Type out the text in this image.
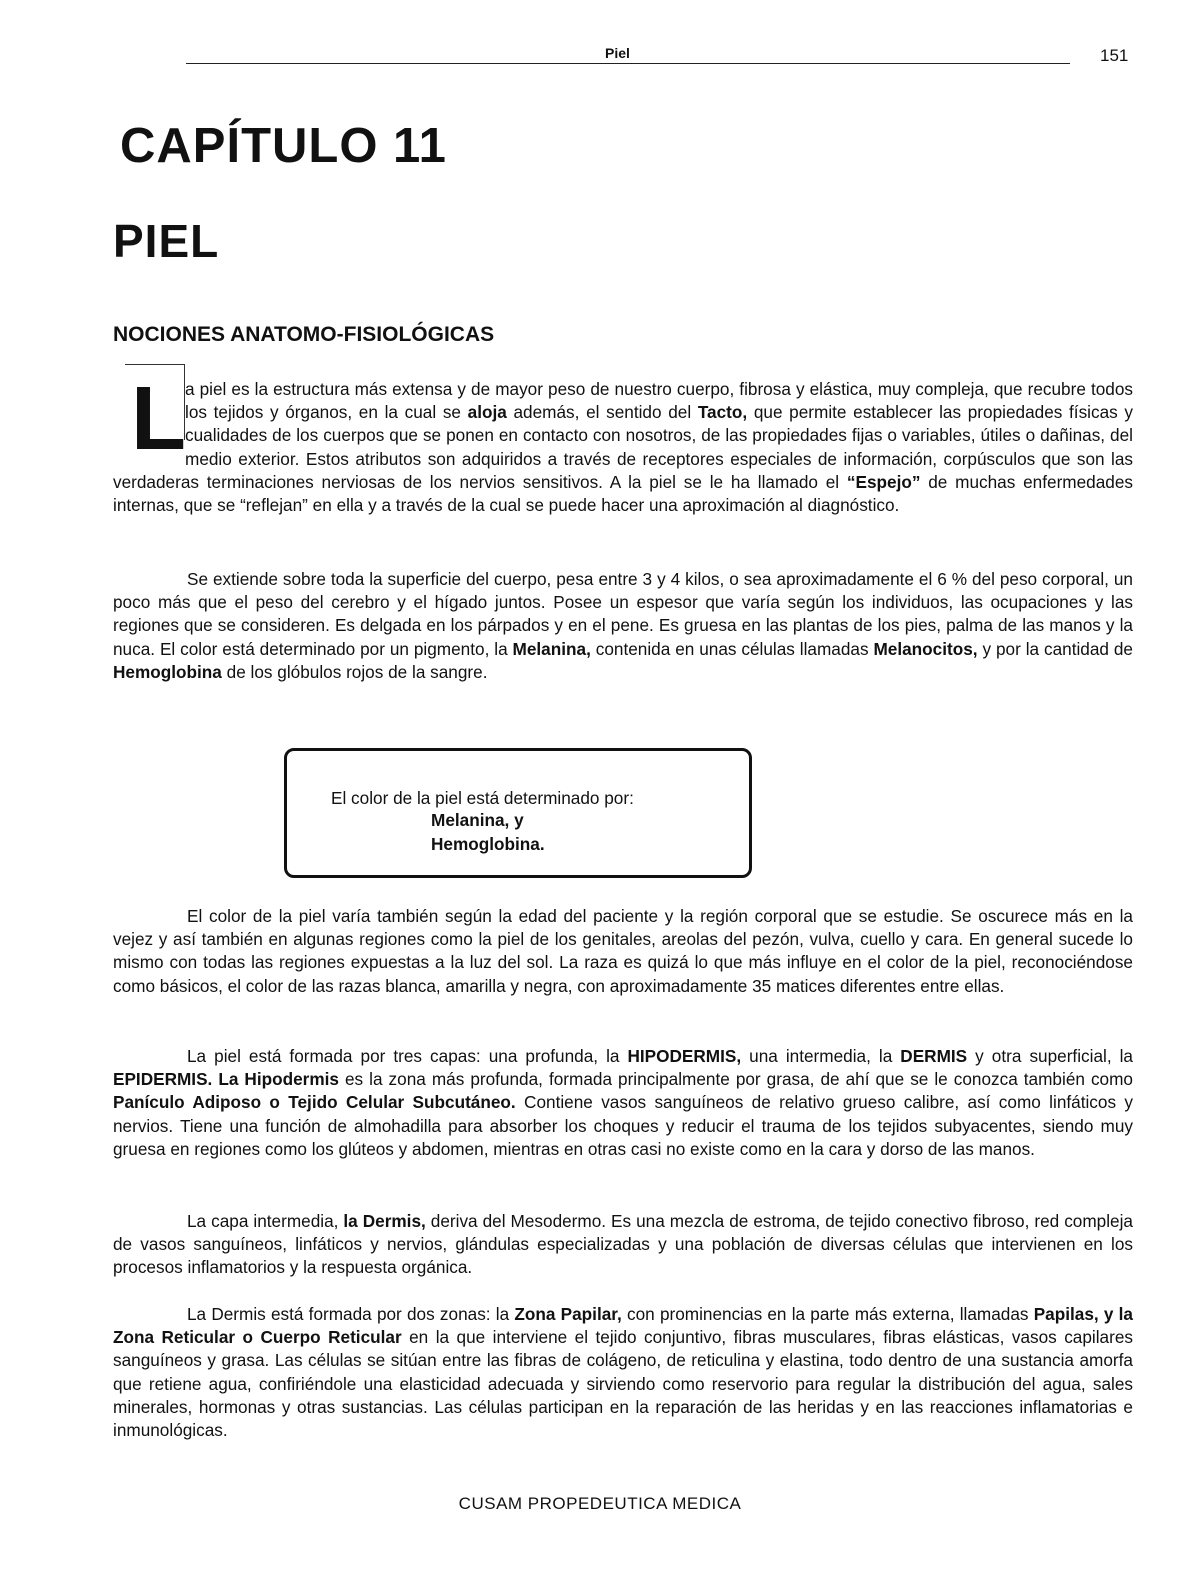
Piel	151
CAPÍTULO 11
PIEL
NOCIONES ANATOMO-FISIOLÓGICAS

La piel es la estructura más extensa y de mayor peso de nuestro cuerpo, fibrosa y elástica, muy compleja, que recubre todos los tejidos y órganos, en la cual se aloja además, el sentido del Tacto, que permite establecer las propiedades físicas y cualidades de los cuerpos que se ponen en contacto con nosotros, de las propiedades fijas o variables, útiles o dañinas, del medio exterior. Estos atributos son adquiridos a través de receptores especiales de información, corpúsculos que son las verdaderas terminaciones nerviosas de los nervios sensitivos. A la piel se le ha llamado el “Espejo” de muchas enfermedades internas, que se “reflejan” en ella y a través de la cual se puede hacer una aproximación al diagnóstico.

Se extiende sobre toda la superficie del cuerpo, pesa entre 3 y 4 kilos, o sea aproximadamente el 6 % del peso corporal, un poco más que el peso del cerebro y el hígado juntos. Posee un espesor que varía según los individuos, las ocupaciones y las regiones que se consideren. Es delgada en los párpados y en el pene. Es gruesa en las plantas de los pies, palma de las manos y la nuca. El color está determinado por un pigmento, la Melanina, contenida en unas células llamadas Melanocitos, y por la cantidad de Hemoglobina de los glóbulos rojos de la sangre.

El color de la piel está determinado por:
Melanina, y
Hemoglobina.

El color de la piel varía también según la edad del paciente y la región corporal que se estudie. Se oscurece más en la vejez y así también en algunas regiones como la piel de los genitales, areolas del pezón, vulva, cuello y cara. En general sucede lo mismo con todas las regiones expuestas a la luz del sol. La raza es quizá lo que más influye en el color de la piel, reconociéndose como básicos, el color de las razas blanca, amarilla y negra, con aproximadamente 35 matices diferentes entre ellas.

La piel está formada por tres capas: una profunda, la HIPODERMIS, una intermedia, la DERMIS y otra superficial, la EPIDERMIS. La Hipodermis es la zona más profunda, formada principalmente por grasa, de ahí que se le conozca también como Panículo Adiposo o Tejido Celular Subcutáneo. Contiene vasos sanguíneos de relativo grueso calibre, así como linfáticos y nervios. Tiene una función de almohadilla para absorber los choques y reducir el trauma de los tejidos subyacentes, siendo muy gruesa en regiones como los glúteos y abdomen, mientras en otras casi no existe como en la cara y dorso de las manos.

La capa intermedia, la Dermis, deriva del Mesodermo. Es una mezcla de estroma, de tejido conectivo fibroso, red compleja de vasos sanguíneos, linfáticos y nervios, glándulas especializadas y una población de diversas células que intervienen en los procesos inflamatorios y la respuesta orgánica.

La Dermis está formada por dos zonas: la Zona Papilar, con prominencias en la parte más externa, llamadas Papilas, y la Zona Reticular o Cuerpo Reticular en la que interviene el tejido conjuntivo, fibras musculares, fibras elásticas, vasos capilares sanguíneos y grasa. Las células se sitúan entre las fibras de colágeno, de reticulina y elastina, todo dentro de una sustancia amorfa que retiene agua, confiriéndole una elasticidad adecuada y sirviendo como reservorio para regular la distribución del agua, sales minerales, hormonas y otras sustancias. Las células participan en la reparación de las heridas y en las reacciones inflamatorias e inmunológicas.

CUSAM PROPEDEUTICA MEDICA
